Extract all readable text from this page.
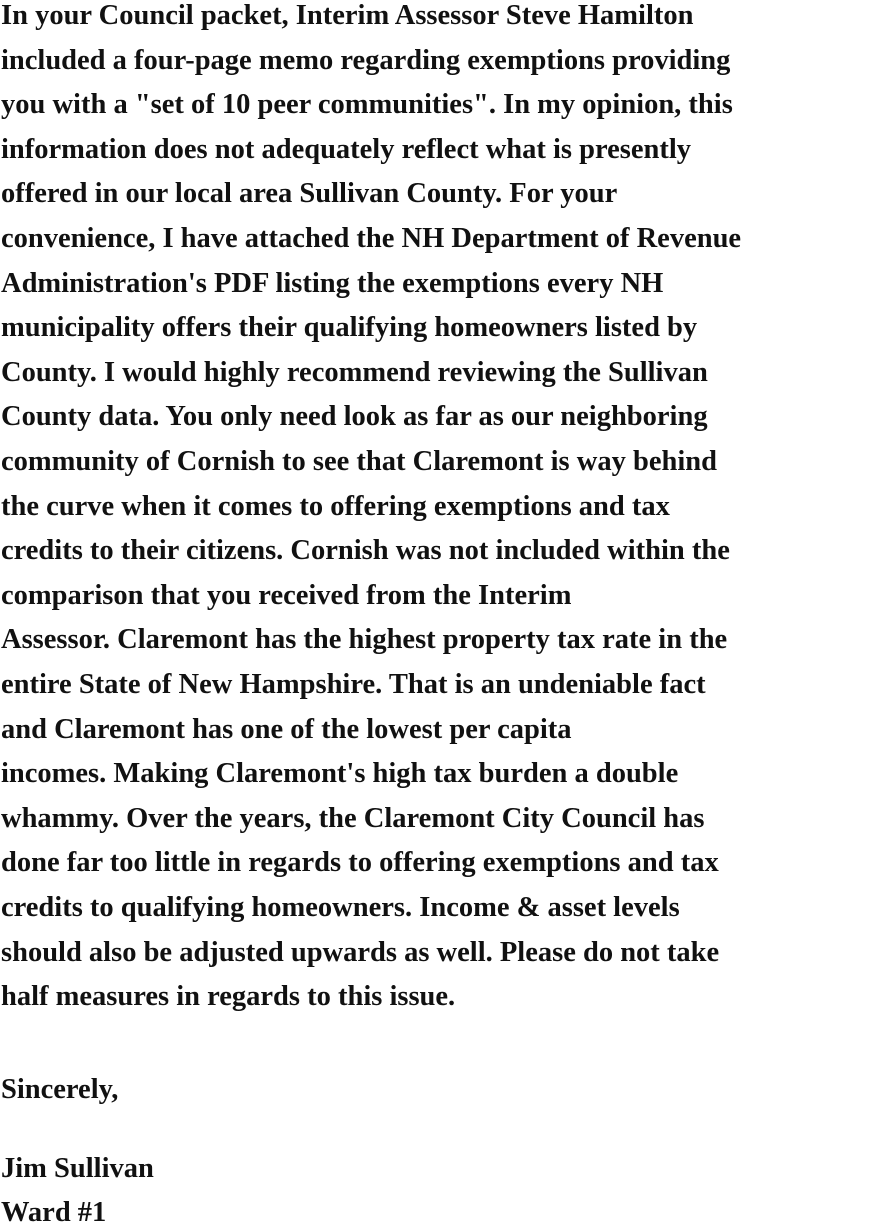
In your Council packet, Interim Assessor Steve Hamilton
included a four-page memo regarding exemptions providing
you with a "set of 10 peer communities". In my opinion, this
information does not adequately reflect what is presently
offered in our local area Sullivan County. For your
convenience, I have attached the NH Department of Revenue
Administration's PDF listing the exemptions every NH
municipality offers their qualifying homeowners listed by
County. I would highly recommend reviewing the Sullivan
County data. You only need look as far as our neighboring
community of Cornish to see that Claremont is way behind
the curve when it comes to offering exemptions and tax
credits to their citizens. Cornish was not included within the
comparison that you received from the Interim
Assessor. Claremont has the highest property tax rate in the
entire State of New Hampshire. That is an undeniable fact
and Claremont has one of the lowest per capita
incomes. Making Claremont's high tax burden a double
whammy. Over the years, the Claremont City Council has
done far too little in regards to offering exemptions and tax
credits to qualifying homeowners. Income & asset levels
should also be adjusted upwards as well. Please do not take
half measures in regards to this issue.
Sincerely,
Jim Sullivan
Ward #1
